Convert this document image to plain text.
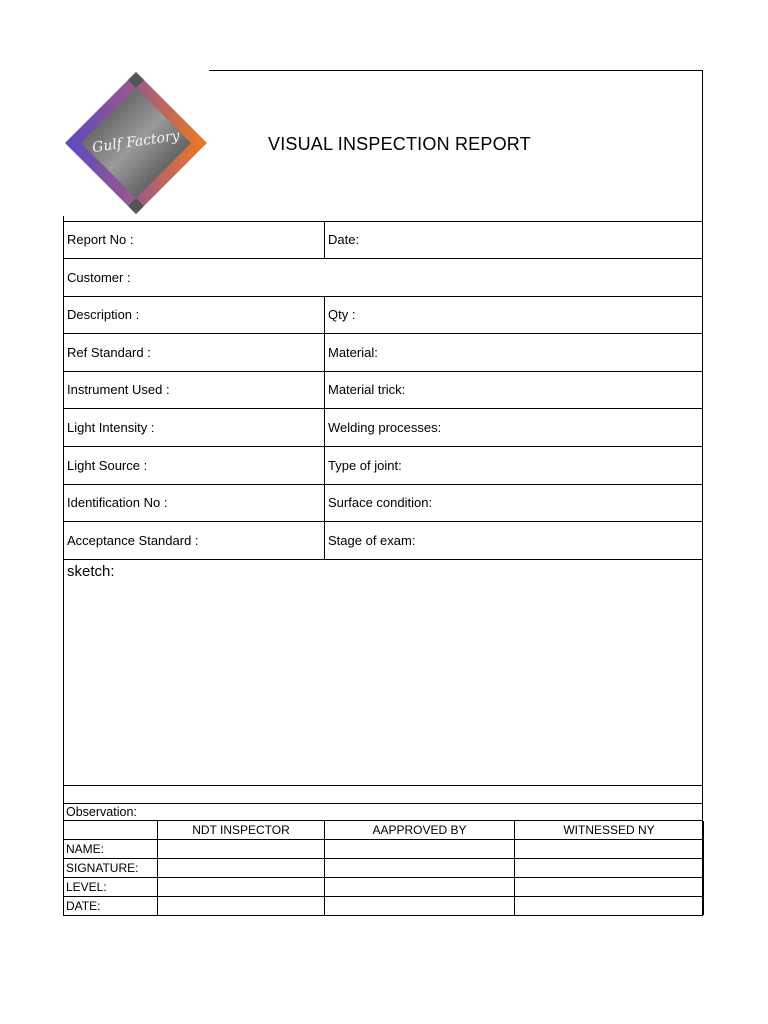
Gulf Factory	VISUAL INSPECTION REPORT
Report No :	Date:
Customer :
Description :	Qty :
Ref Standard :	Material:
Instrument Used :	Material trick:
Light Intensity :	Welding processes:
Light Source :	Type of joint:
Identification No :	Surface condition:
Acceptance Standard :	Stage of exam:
sketch:
Observation:
	NDT INSPECTOR	AAPPROVED BY	WITNESSED NY
NAME:			
SIGNATURE:			
LEVEL:			
DATE:			
